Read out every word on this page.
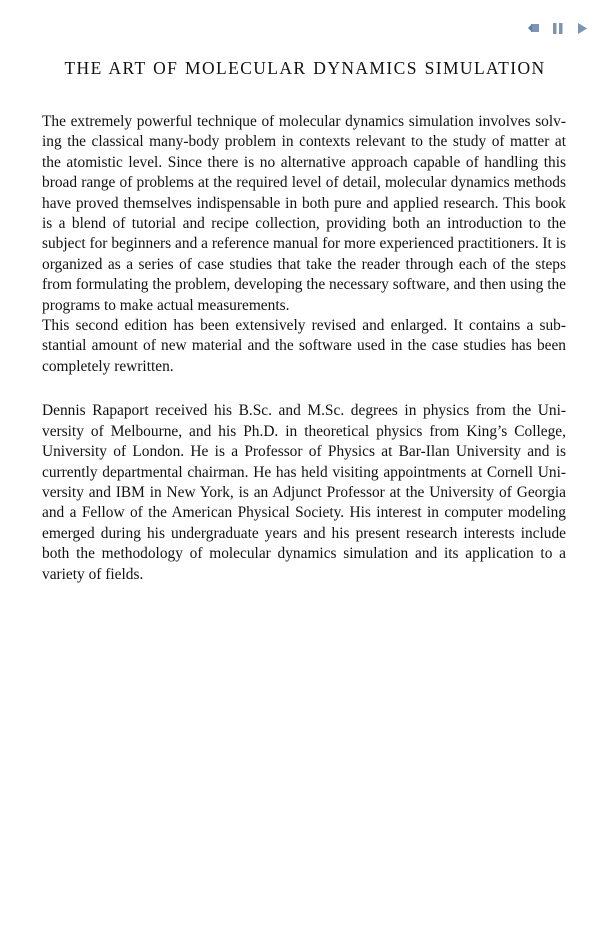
THE ART OF MOLECULAR DYNAMICS SIMULATION

The extremely powerful technique of molecular dynamics simulation involves solving the classical many-body problem in contexts relevant to the study of matter at the atomistic level. Since there is no alternative approach capable of handling this broad range of problems at the required level of detail, molecular dynamics methods have proved themselves indispensable in both pure and applied research. This book is a blend of tutorial and recipe collection, providing both an introduction to the subject for beginners and a reference manual for more experienced practitioners. It is organized as a series of case studies that take the reader through each of the steps from formulating the problem, developing the necessary software, and then using the programs to make actual measurements.

This second edition has been extensively revised and enlarged. It contains a substantial amount of new material and the software used in the case studies has been completely rewritten.

Dennis Rapaport received his B.Sc. and M.Sc. degrees in physics from the University of Melbourne, and his Ph.D. in theoretical physics from King’s College, University of London. He is a Professor of Physics at Bar-Ilan University and is currently departmental chairman. He has held visiting appointments at Cornell University and IBM in New York, is an Adjunct Professor at the University of Georgia and a Fellow of the American Physical Society. His interest in computer modeling emerged during his undergraduate years and his present research interests include both the methodology of molecular dynamics simulation and its application to a variety of fields.
